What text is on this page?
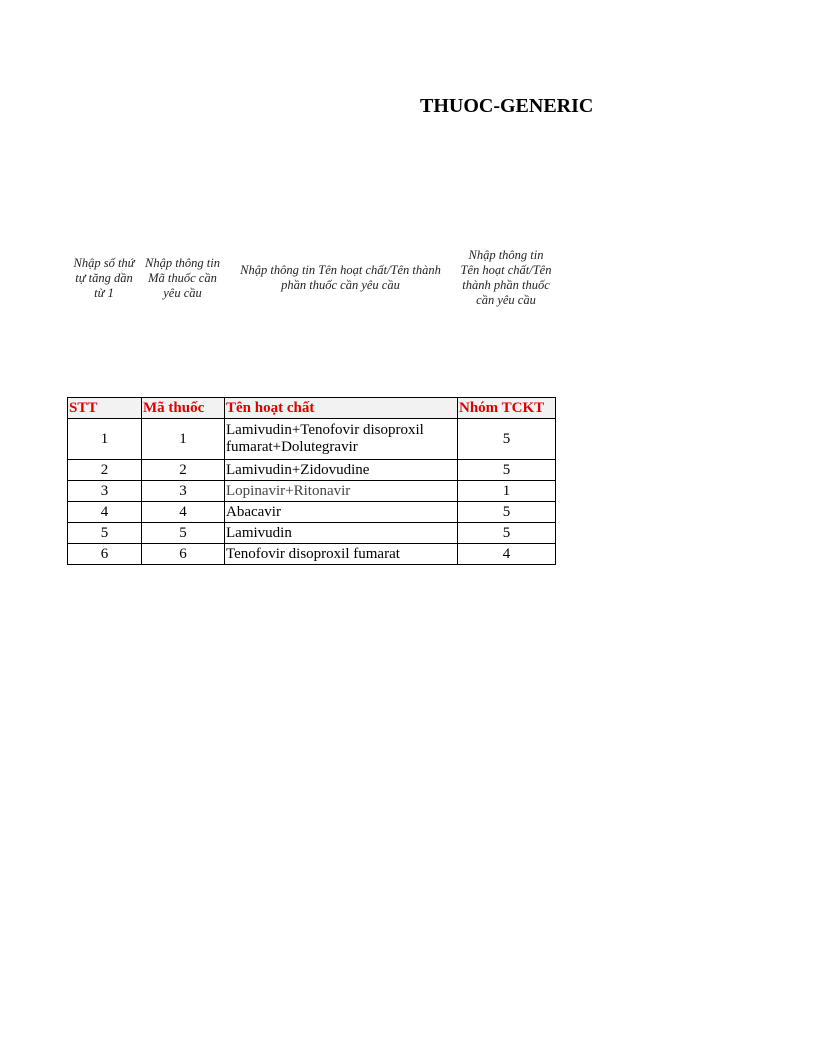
THUOC-GENERIC
Nhập số thứ tự tăng dần từ 1
Nhập thông tin Mã thuốc cần yêu cầu
Nhập thông tin Tên hoạt chất/Tên thành phần thuốc cần yêu cầu
Nhập thông tin Tên hoạt chất/Tên thành phần thuốc cần yêu cầu
STT	Mã thuốc	Tên hoạt chất	Nhóm TCKT
1	1	Lamivudin+Tenofovir disoproxil fumarat+Dolutegravir	5
2	2	Lamivudin+Zidovudine	5
3	3	Lopinavir+Ritonavir	1
4	4	Abacavir	5
5	5	Lamivudin	5
6	6	Tenofovir disoproxil fumarat	4
